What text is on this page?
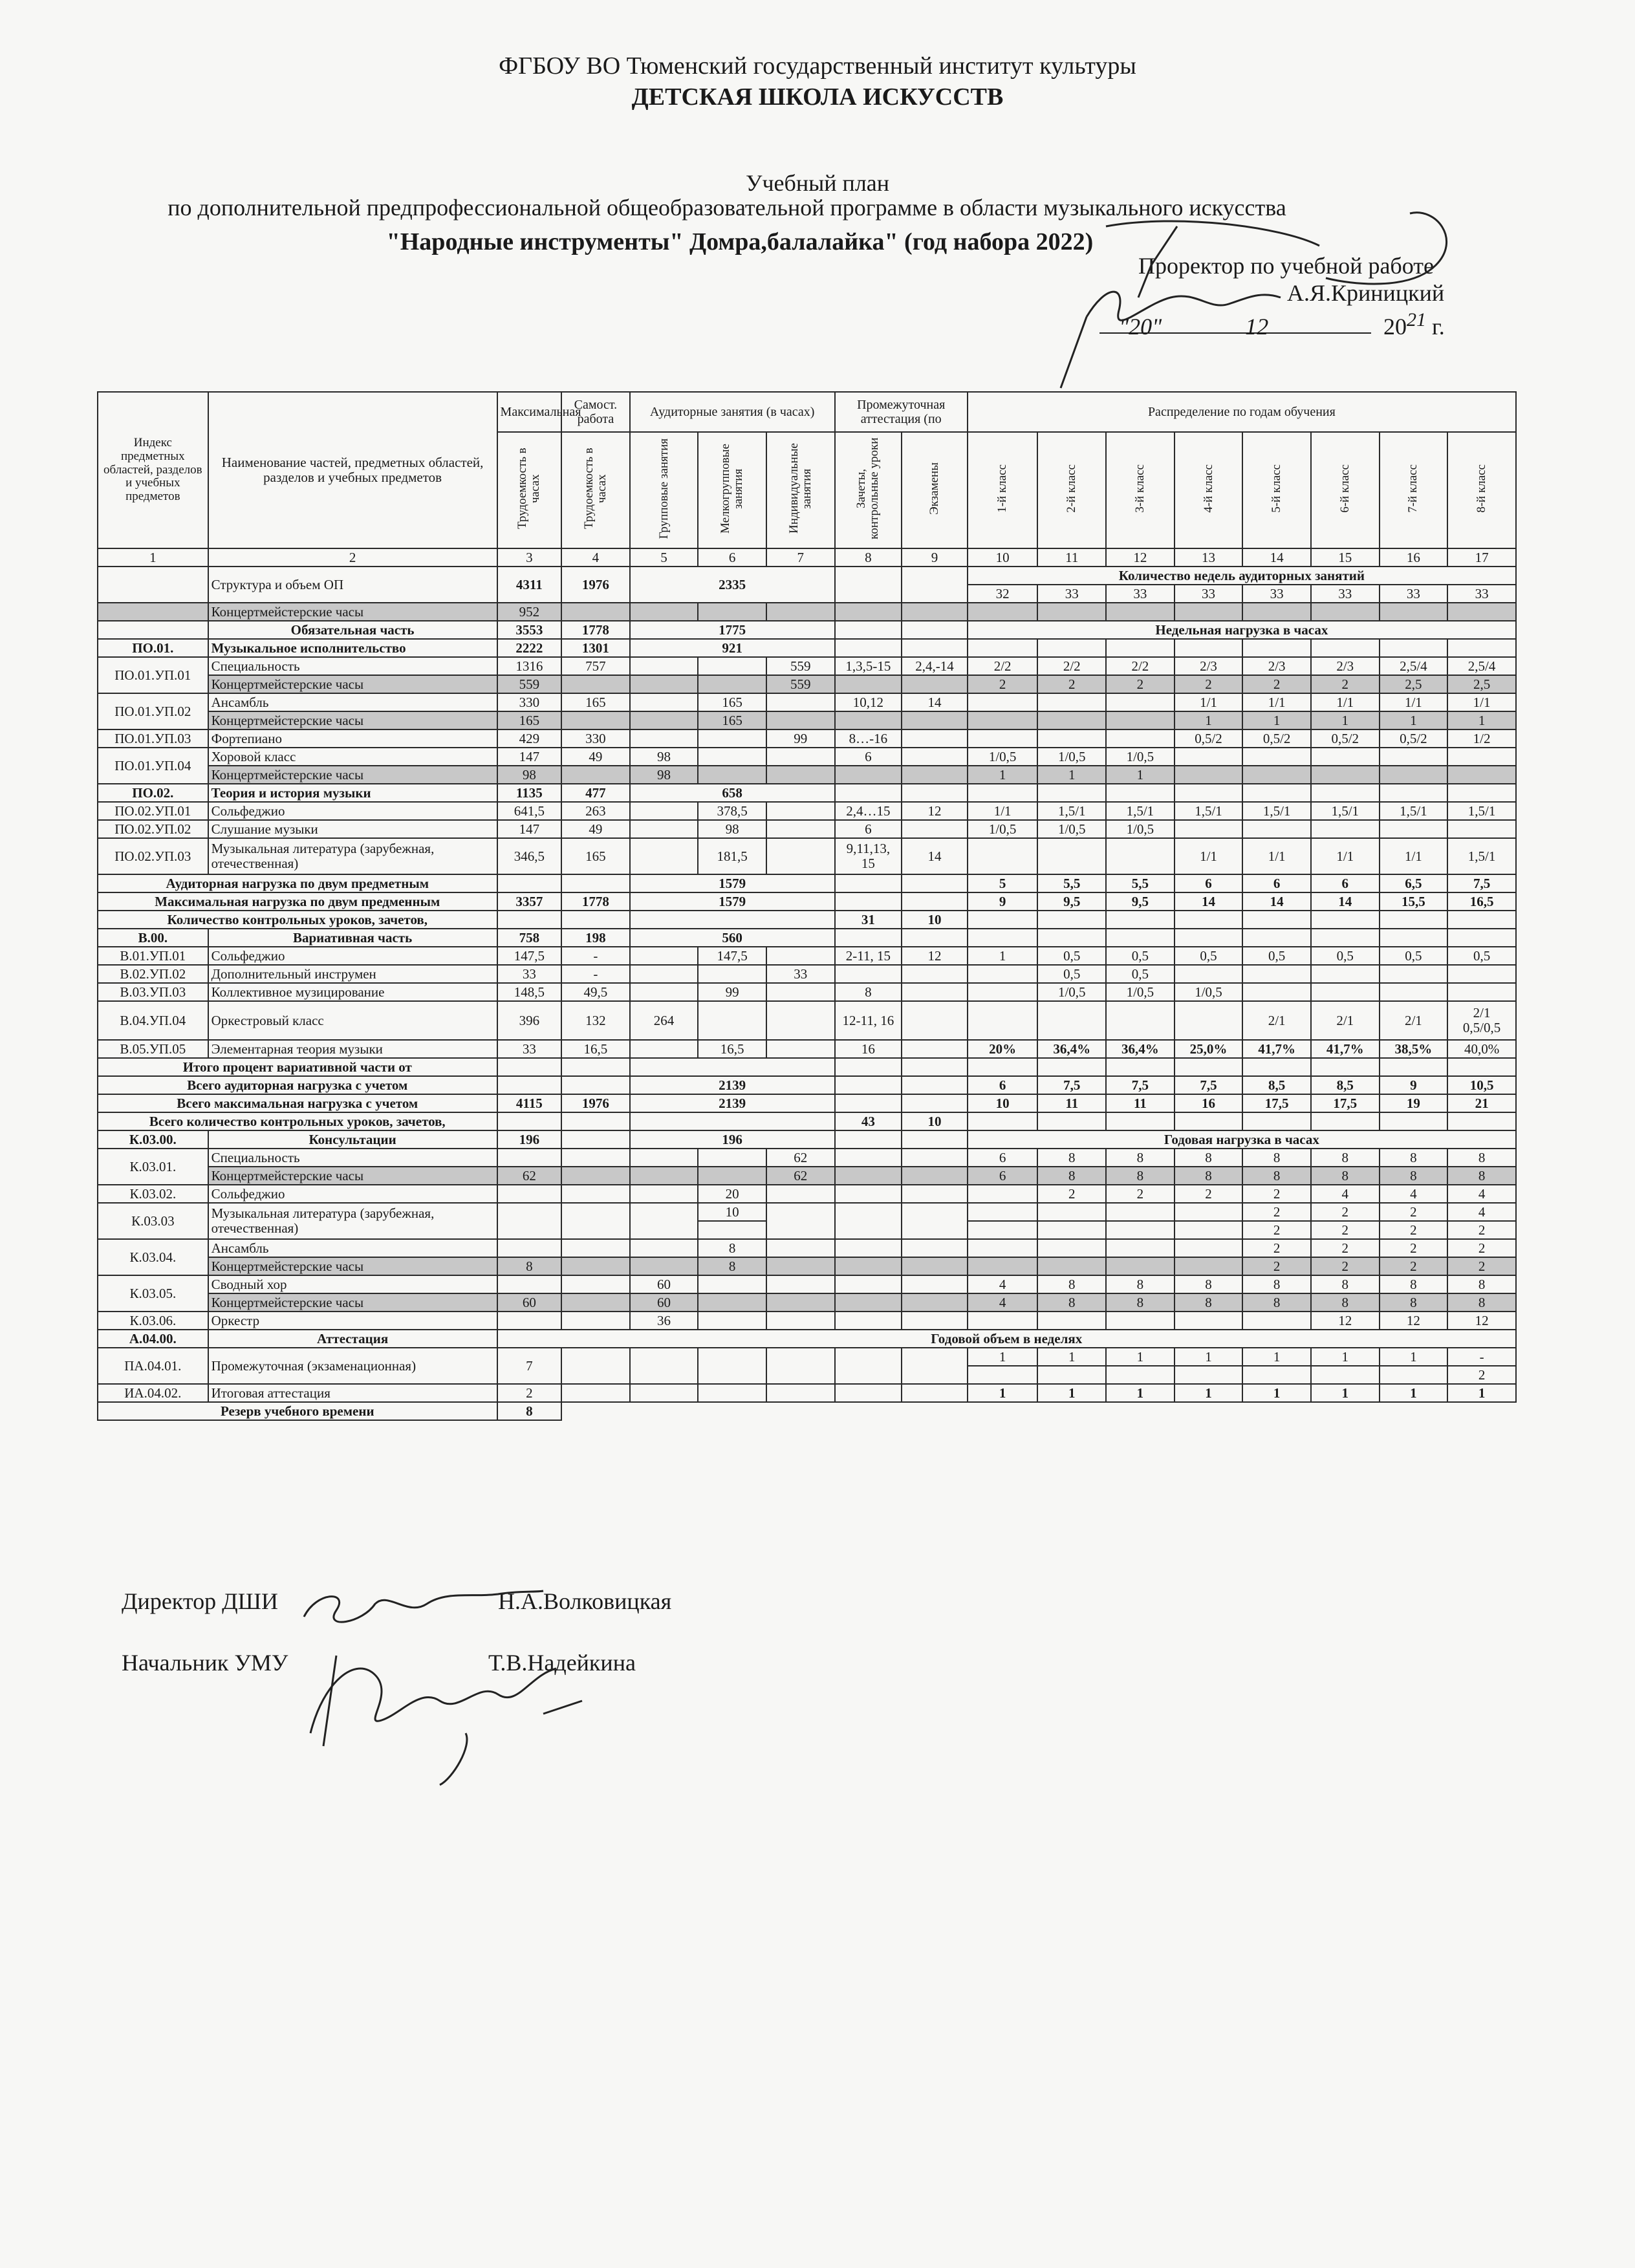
ФГБОУ ВО Тюменский государственный институт культуры
ДЕТСКАЯ ШКОЛА ИСКУССТВ
Учебный план
по дополнительной предпрофессиональной общеобразовательной программе в области музыкального искусства
"Народные инструменты" Домра,балалайка" (год набора 2022)
Проректор по учебной работе
А.Я.Криницкий
"20"	12	$20^{21}$ г.
Индекс предметных областей, разделов и учебных предметов	Наименование частей, предметных областей, разделов и учебных предметов	Максимальная	Самост. работа	Аудиторные занятия (в часах)			Промежуточная аттестация (по		Распределение по годам обучения							
		Трудоемкость в часах	Трудоемкость в часах	Групповые занятия	Мелкогрупповые занятия	Индивидуальные занятия	Зачеты, контрольные уроки	Экзамены	1-й класс	2-й класс	3-й класс	4-й класс	5-й класс	6-й класс	7-й класс	8-й класс
1	2	3	4	5	6	7	8	9	10	11	12	13	14	15	16	17
	Структура и объем ОП	4311	1976	2335					Количество недель аудиторных занятий							
									32	33	33	33	33	33	33	33
	Концертмейстерские часы	952														
	Обязательная часть	3553	1778	1775					Недельная нагрузка в часах							
ПО.01.	Музыкальное исполнительство	2222	1301	921												
ПО.01.УП.01	Специальность	1316	757			559	1,3,5-15	2,4,-14	2/2	2/2	2/2	2/3	2/3	2/3	2,5/4	2,5/4
	Концертмейстерские часы	559				559			2	2	2	2	2	2	2,5	2,5
ПО.01.УП.02	Ансамбль	330	165		165		10,12	14				1/1	1/1	1/1	1/1	1/1
	Концертмейстерские часы	165			165							1	1	1	1	1
ПО.01.УП.03	Фортепиано	429	330			99	8…-16					0,5/2	0,5/2	0,5/2	0,5/2	1/2
ПО.01.УП.04	Хоровой класс	147	49	98			6		1/0,5	1/0,5	1/0,5					
	Концертмейстерские часы	98		98					1	1	1					
ПО.02.	Теория и история музыки	1135	477	658												
ПО.02.УП.01	Сольфеджио	641,5	263		378,5		2,4…15	12	1/1	1,5/1	1,5/1	1,5/1	1,5/1	1,5/1	1,5/1	1,5/1
ПО.02.УП.02	Слушание музыки	147	49		98		6		1/0,5	1/0,5	1/0,5					
ПО.02.УП.03	Музыкальная литература (зарубежная, отечественная)	346,5	165		181,5		9,11,13, 15	14				1/1	1/1	1/1	1/1	1,5/1
Аудиторная нагрузка по двум предметным				1579					5	5,5	5,5	6	6	6	6,5	7,5
Максимальная нагрузка по двум предменным		3357	1778	1579					9	9,5	9,5	14	14	14	15,5	16,5
Количество контрольных уроков, зачетов,							31	10								
В.00.	Вариативная часть	758	198	560												
В.01.УП.01	Сольфеджио	147,5	-		147,5		2-11, 15	12	1	0,5	0,5	0,5	0,5	0,5	0,5	0,5
В.02.УП.02	Дополнительный инструмен	33	-			33				0,5	0,5					
В.03.УП.03	Коллективное музицирование	148,5	49,5		99		8			1/0,5	1/0,5	1/0,5				
В.04.УП.04	Оркестровый класс	396	132	264			12-11, 16						2/1	2/1	2/1	2/1
0,5/0,5
В.05.УП.05	Элементарная теория музыки	33	16,5		16,5		16		20%	36,4%	36,4%	25,0%	41,7%	41,7%	38,5%	40,0%
Итого процент вариативной части от																
Всего аудиторная нагрузка с учетом				2139					6	7,5	7,5	7,5	8,5	8,5	9	10,5
Всего максимальная нагрузка с учетом		4115	1976	2139					10	11	11	16	17,5	17,5	19	21
Всего количество контрольных уроков, зачетов,							43	10								
К.03.00.	Консультации	196		196					Годовая нагрузка в часах							
К.03.01.	Специальность					62			6	8	8	8	8	8	8	8
	Концертмейстерские часы	62				62			6	8	8	8	8	8	8	8
К.03.02.	Сольфеджио				20					2	2	2	2	4	4	4
К.03.03	Музыкальная литература (зарубежная, отечественная)				10								2	2	2	4
													2	2	2	2
К.03.04.	Ансамбль				8								2	2	2	2
	Концертмейстерские часы	8			8								2	2	2	2
К.03.05.	Сводный хор			60					4	8	8	8	8	8	8	8
	Концертмейстерские часы	60		60					4	8	8	8	8	8	8	8
К.03.06.	Оркестр			36										12	12	12
А.04.00.	Аттестация	Годовой объем в неделях														
ПА.04.01.	Промежуточная (экзаменационная)	7							1	1	1	1	1	1	1	-
																2
ИА.04.02.	Итоговая аттестация	2							1	1	1	1	1	1	1	1
Резерв учебного времени		8														
Директор ДШИ	Н.А.Волковицкая
Начальник УМУ	Т.В.Надейкина
